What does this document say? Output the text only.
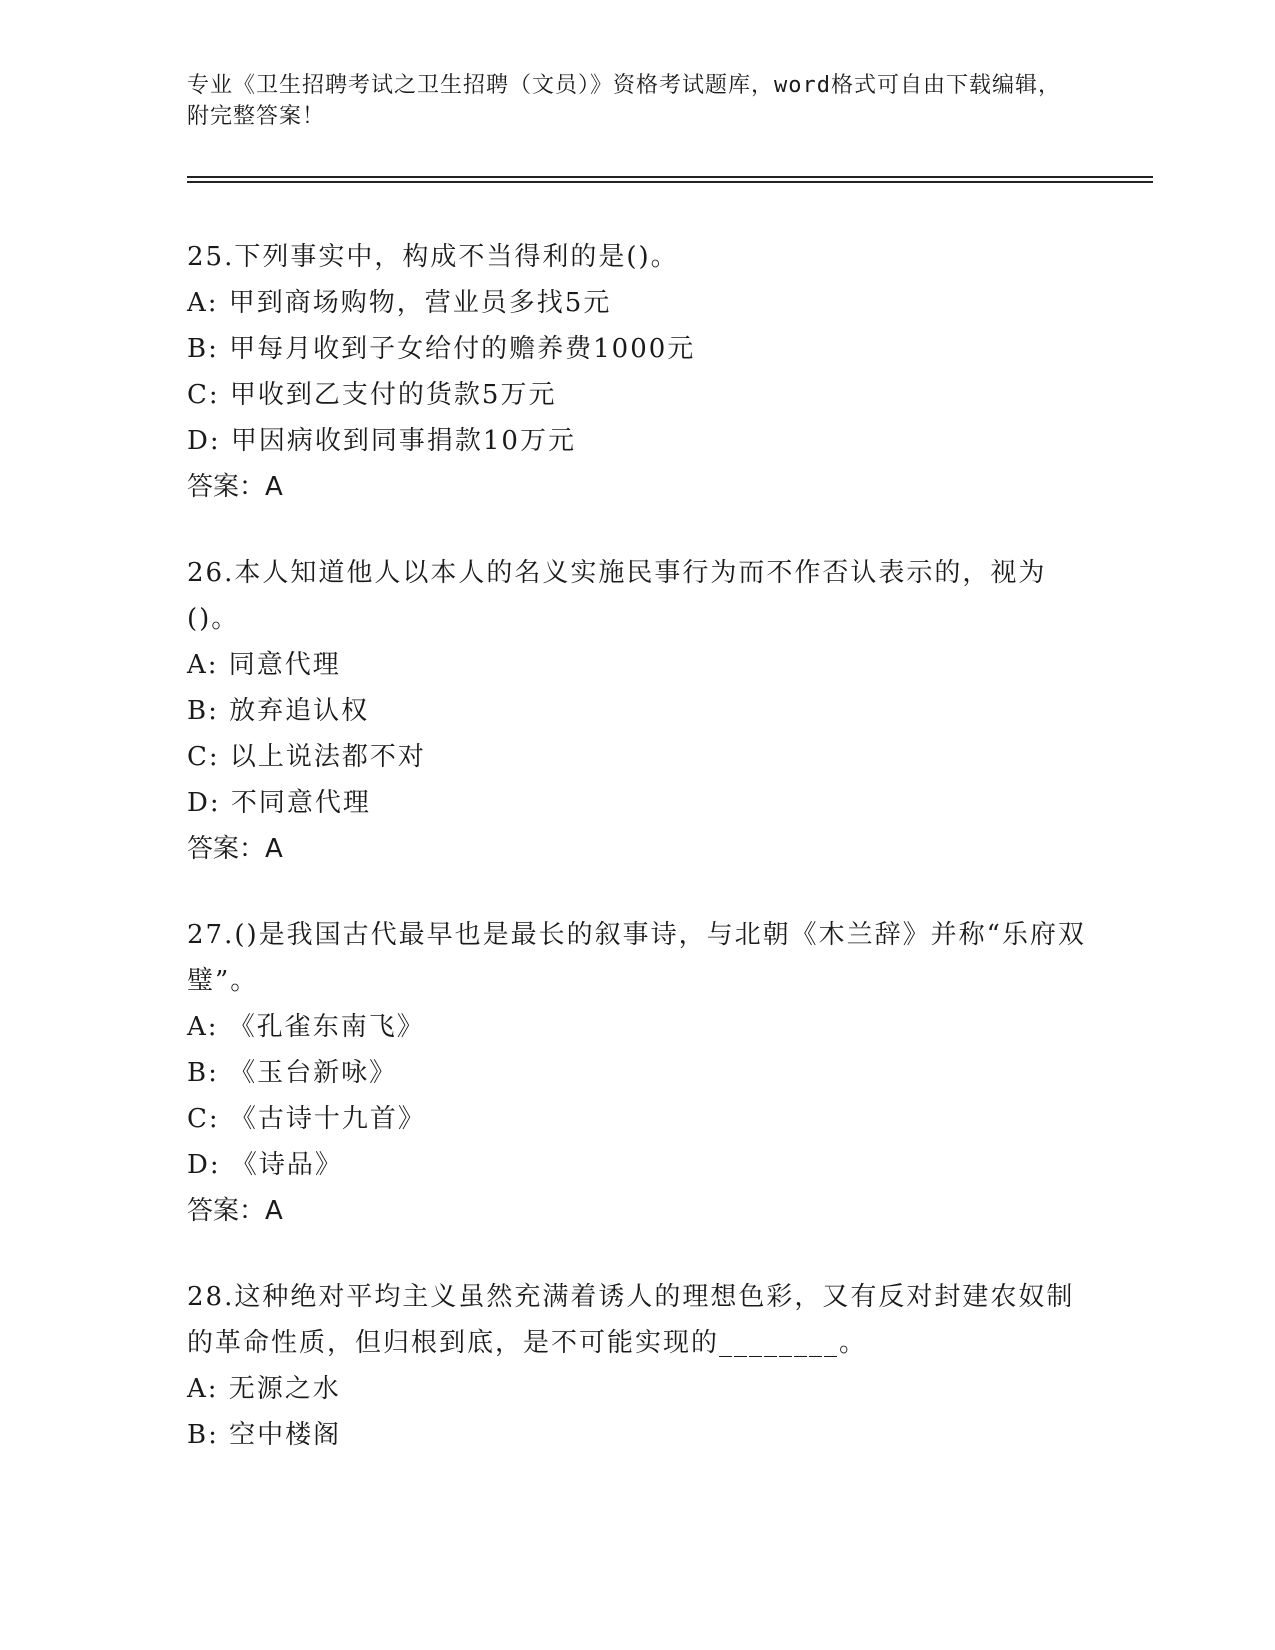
专业《卫生招聘考试之卫生招聘（文员）》资格考试题库，word格式可自由下载编辑，附完整答案！
25.下列事实中，构成不当得利的是()。
A: 甲到商场购物，营业员多找5元
B: 甲每月收到子女给付的赡养费1000元
C: 甲收到乙支付的货款5万元
D: 甲因病收到同事捐款10万元
答案：A
26.本人知道他人以本人的名义实施民事行为而不作否认表示的，视为()。
A: 同意代理
B: 放弃追认权
C: 以上说法都不对
D: 不同意代理
答案：A
27.()是我国古代最早也是最长的叙事诗，与北朝《木兰辞》并称“乐府双璧”。
A: 《孔雀东南飞》
B: 《玉台新咏》
C: 《古诗十九首》
D: 《诗品》
答案：A
28.这种绝对平均主义虽然充满着诱人的理想色彩，又有反对封建农奴制的革命性质，但归根到底，是不可能实现的________。
A: 无源之水
B: 空中楼阁
